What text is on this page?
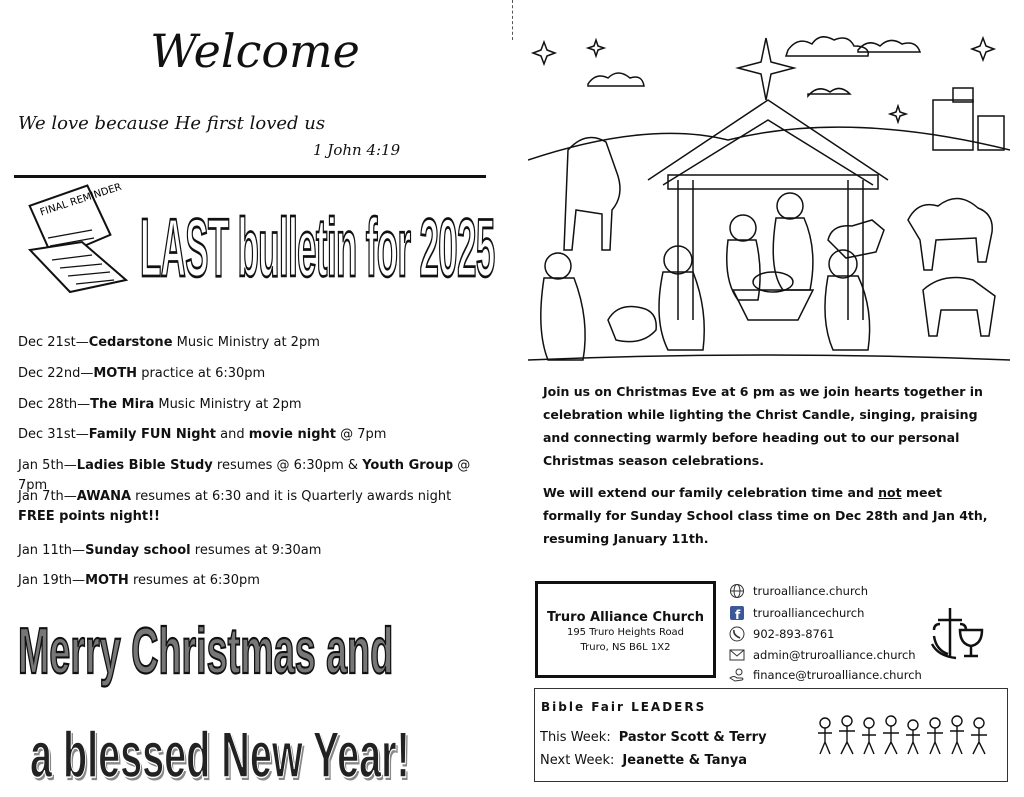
Welcome
We love because He first loved us
1 John 4:19
FINAL REMINDER
LAST bulletin for 2025
Dec 21st—Cedarstone Music Ministry at 2pm
Dec 22nd—MOTH practice at 6:30pm
Dec 28th—The Mira Music Ministry at 2pm
Dec 31st—Family FUN Night and movie night @ 7pm
Jan 5th—Ladies Bible Study resumes @ 6:30pm & Youth Group @ 7pm
Jan 7th—AWANA resumes at 6:30 and it is Quarterly awards night
FREE points night!!
Jan 11th—Sunday school resumes at 9:30am
Jan 19th—MOTH resumes at 6:30pm
Merry Christmas and
a blessed New Year!
Join us on Christmas Eve at 6 pm as we join hearts together in celebration while lighting the Christ Candle, singing, praising and connecting warmly before heading out to our personal Christmas season celebrations.
We will extend our family celebration time and not meet formally for Sunday School class time on Dec 28th and Jan 4th, resuming January 11th.
Truro Alliance Church
195 Truro Heights Road
Truro, NS B6L 1X2
truroalliance.church
f truroalliancechurch
902-893-8761
admin@truroalliance.church
finance@truroalliance.church
Bible Fair LEADERS
This Week: Pastor Scott & Terry
Next Week: Jeanette & Tanya
